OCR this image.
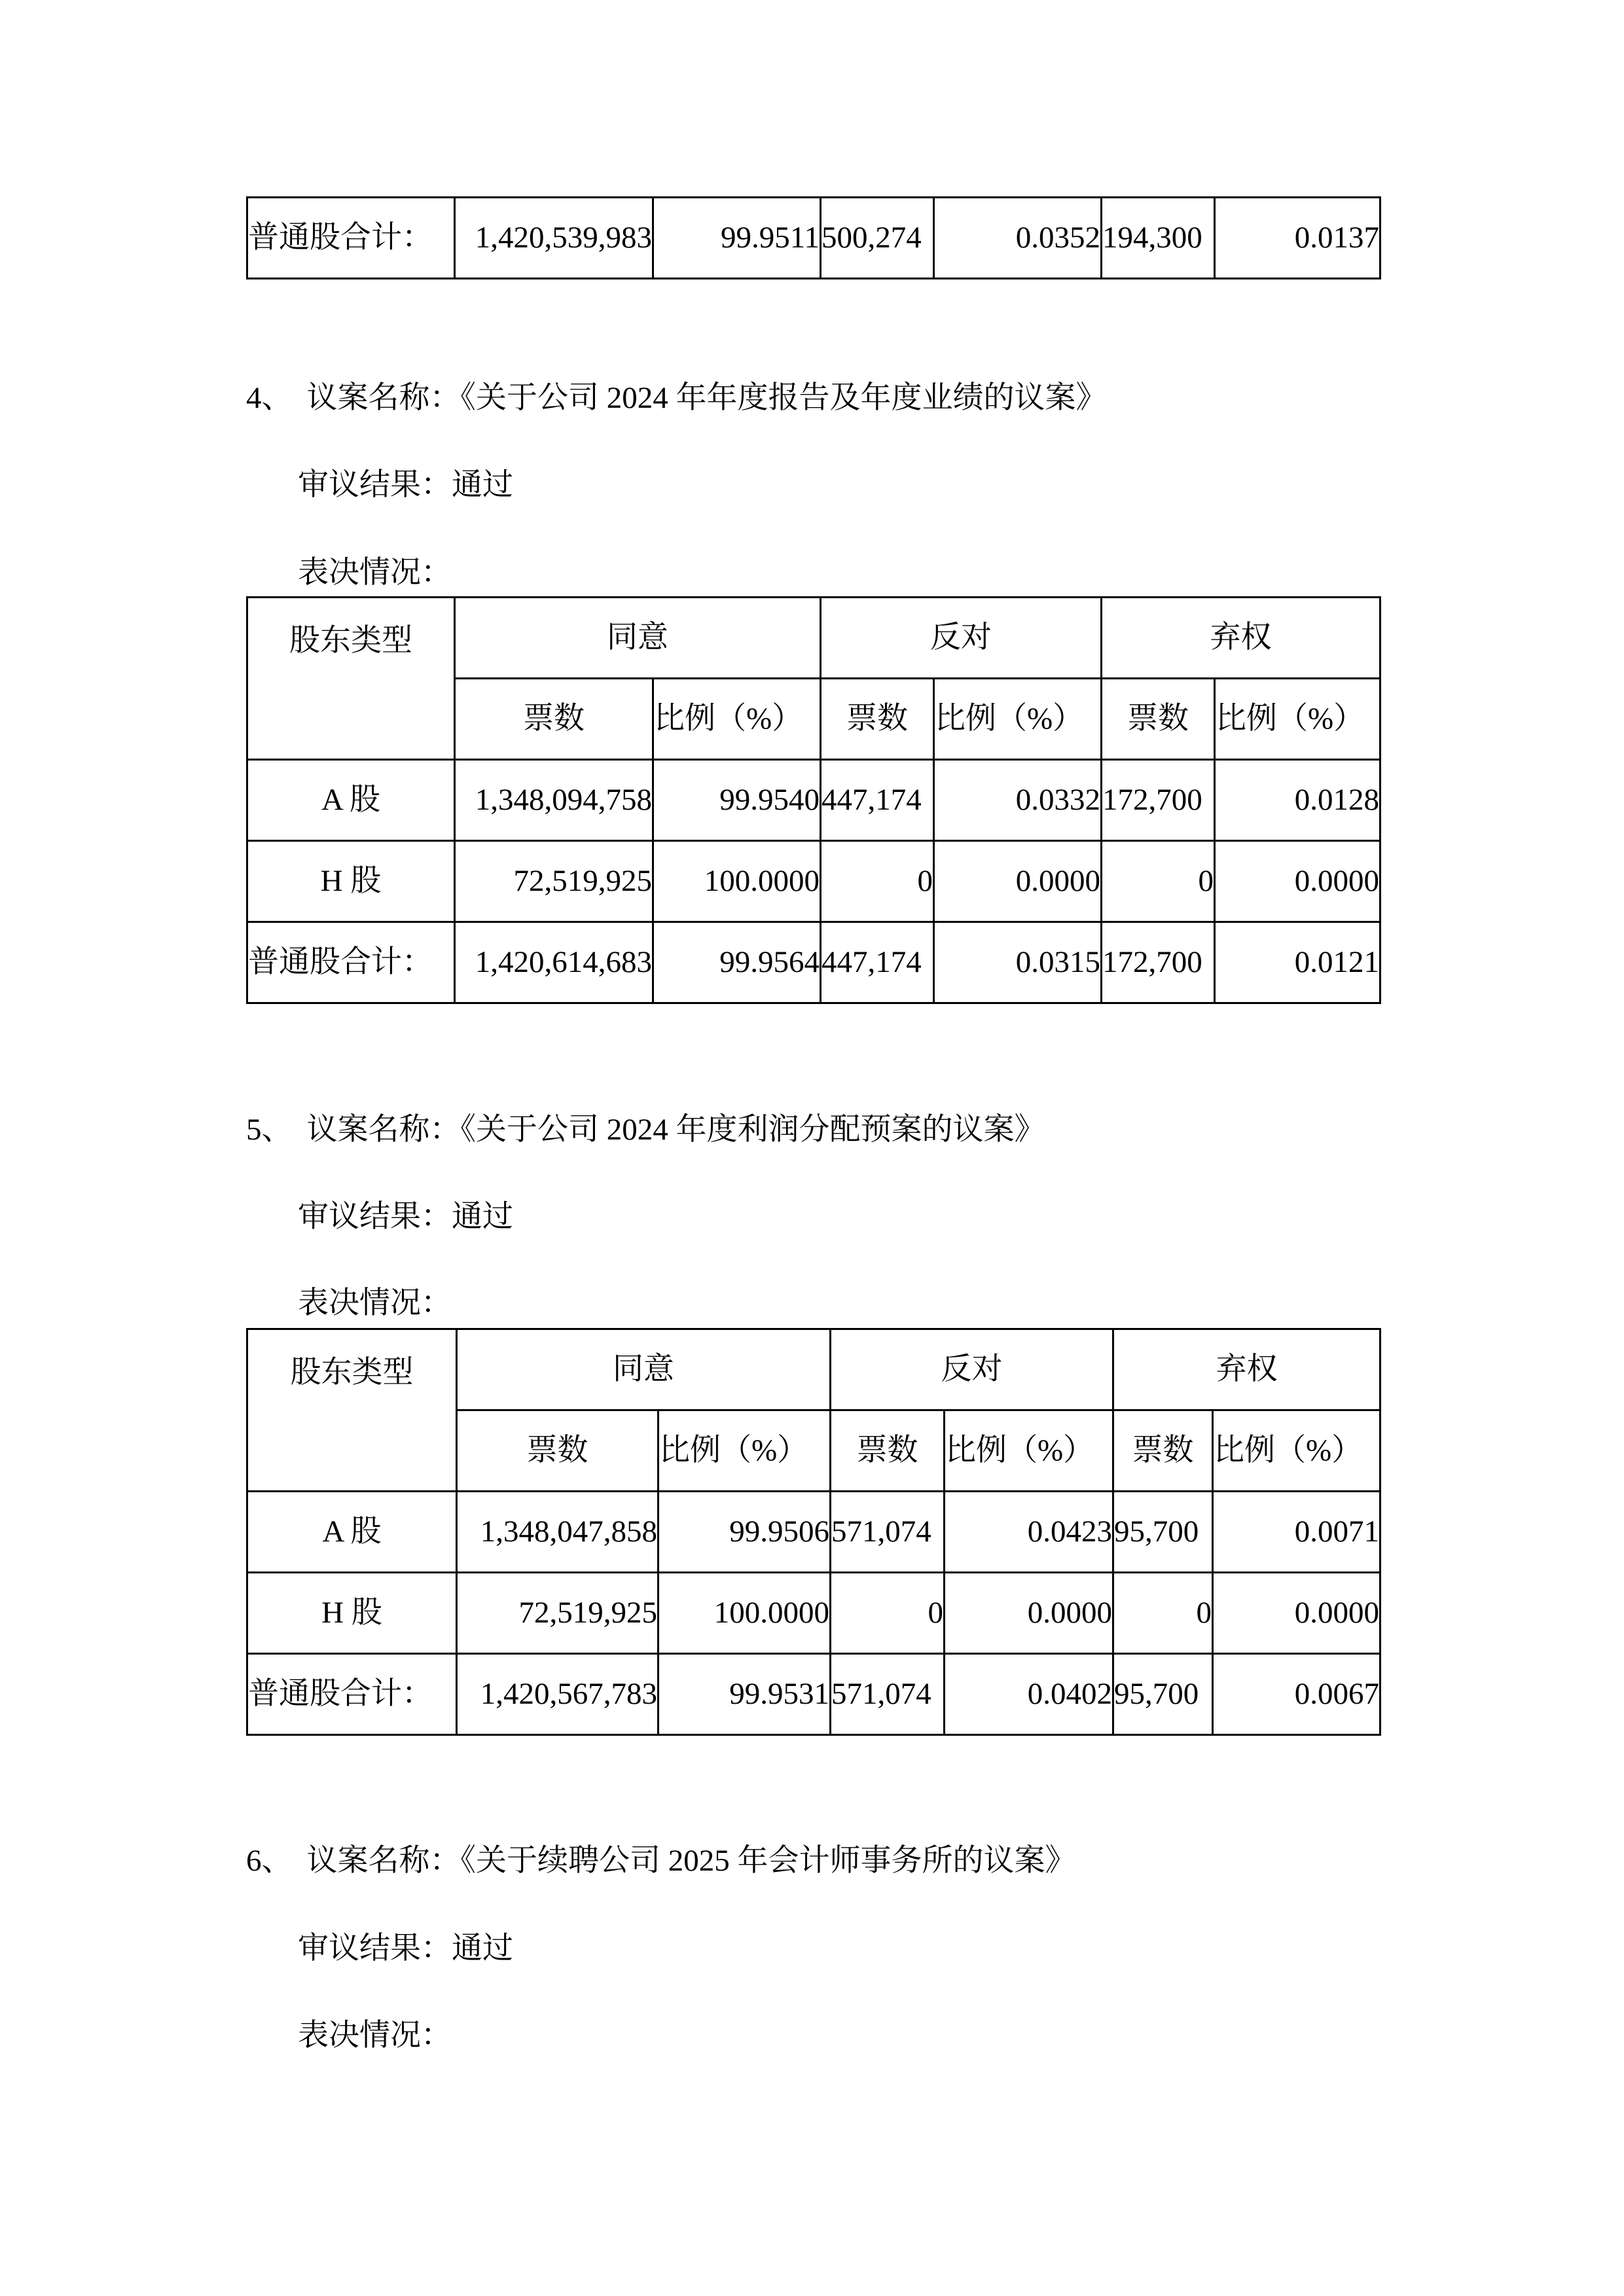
普通股合计：	1,420,539,983	99.9511	500,274	0.0352	194,300	0.0137
4、 议案名称：《关于公司 2024 年年度报告及年度业绩的议案》
审议结果：通过
表决情况：
股东类型	同意		反对		弃权	
	票数	比例（%）	票数	比例（%）	票数	比例（%）
A 股	1,348,094,758	99.9540	447,174	0.0332	172,700	0.0128
H 股	72,519,925	100.0000	0	0.0000	0	0.0000
普通股合计：	1,420,614,683	99.9564	447,174	0.0315	172,700	0.0121
5、 议案名称：《关于公司 2024 年度利润分配预案的议案》
审议结果：通过
表决情况：
股东类型	同意		反对		弃权	
	票数	比例（%）	票数	比例（%）	票数	比例（%）
A 股	1,348,047,858	99.9506	571,074	0.0423	95,700	0.0071
H 股	72,519,925	100.0000	0	0.0000	0	0.0000
普通股合计：	1,420,567,783	99.9531	571,074	0.0402	95,700	0.0067
6、 议案名称：《关于续聘公司 2025 年会计师事务所的议案》
审议结果：通过
表决情况：
